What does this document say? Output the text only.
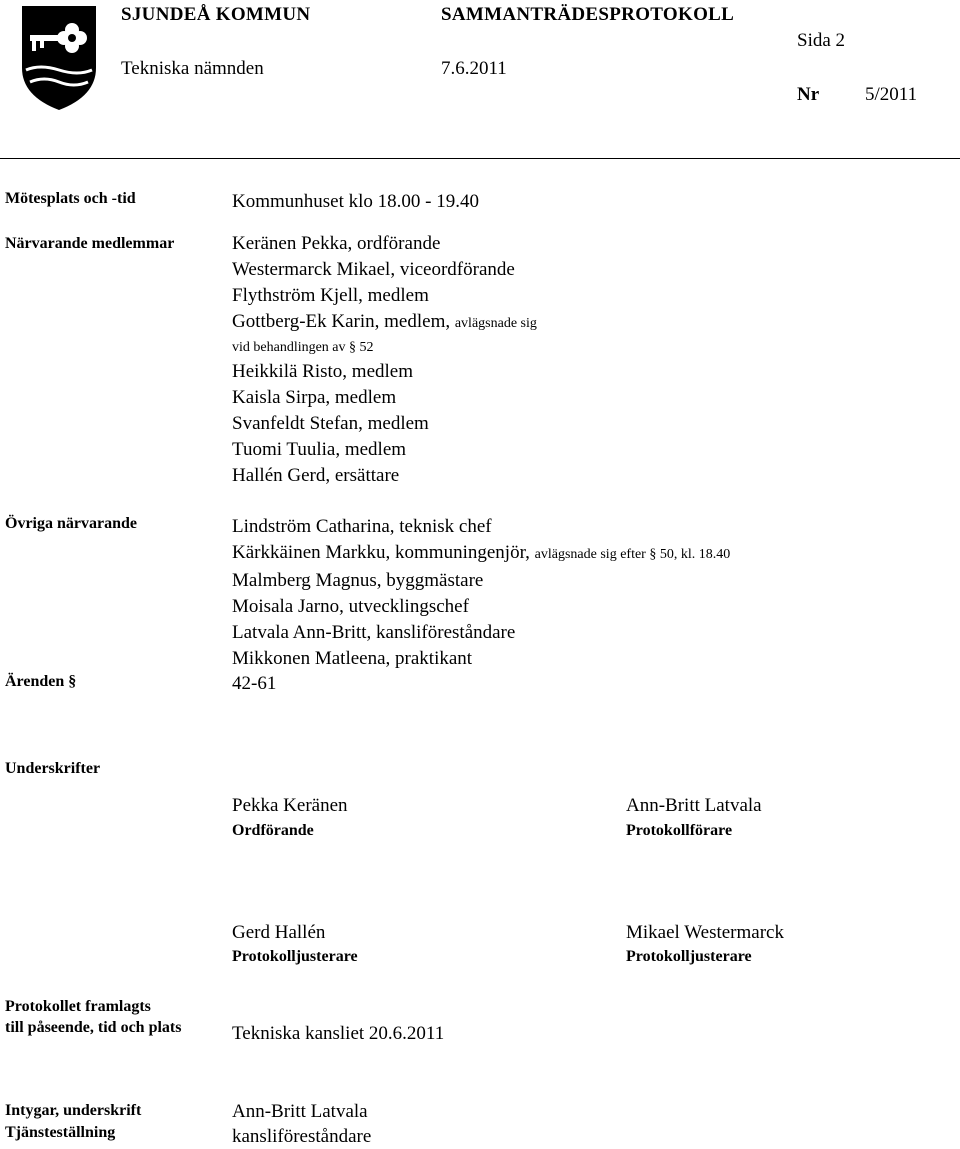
SJUNDEÅ KOMMUN	SAMMANTRÄDESPROTOKOLL
Sida 2
Tekniska nämnden	7.6.2011
Nr 5/2011
Mötesplats och -tid	Kommunhuset klo 18.00 - 19.40
Närvarande medlemmar	Keränen Pekka, ordförande
Westermarck Mikael, viceordförande
Flythström Kjell, medlem
Gottberg-Ek Karin, medlem, avlägsnade sig
vid behandlingen av § 52
Heikkilä Risto, medlem
Kaisla Sirpa, medlem
Svanfeldt Stefan, medlem
Tuomi Tuulia, medlem
Hallén Gerd, ersättare
Övriga närvarande	Lindström Catharina, teknisk chef
Kärkkäinen Markku, kommuningenjör, avlägsnade sig efter § 50, kl. 18.40
Malmberg Magnus, byggmästare
Moisala Jarno, utvecklingschef
Latvala Ann-Britt, kansliföreståndare
Mikkonen Matleena, praktikant
Ärenden §	42-61
Underskrifter
Pekka Keränen
Ordförande
Ann-Britt Latvala
Protokollförare
Gerd Hallén
Protokolljusterare
Mikael Westermarck
Protokolljusterare
Protokollet framlagts
till påseende, tid och plats	Tekniska kansliet 20.6.2011
Intygar, underskrift
Tjänsteställning
Ann-Britt Latvala
kansliföreståndare
